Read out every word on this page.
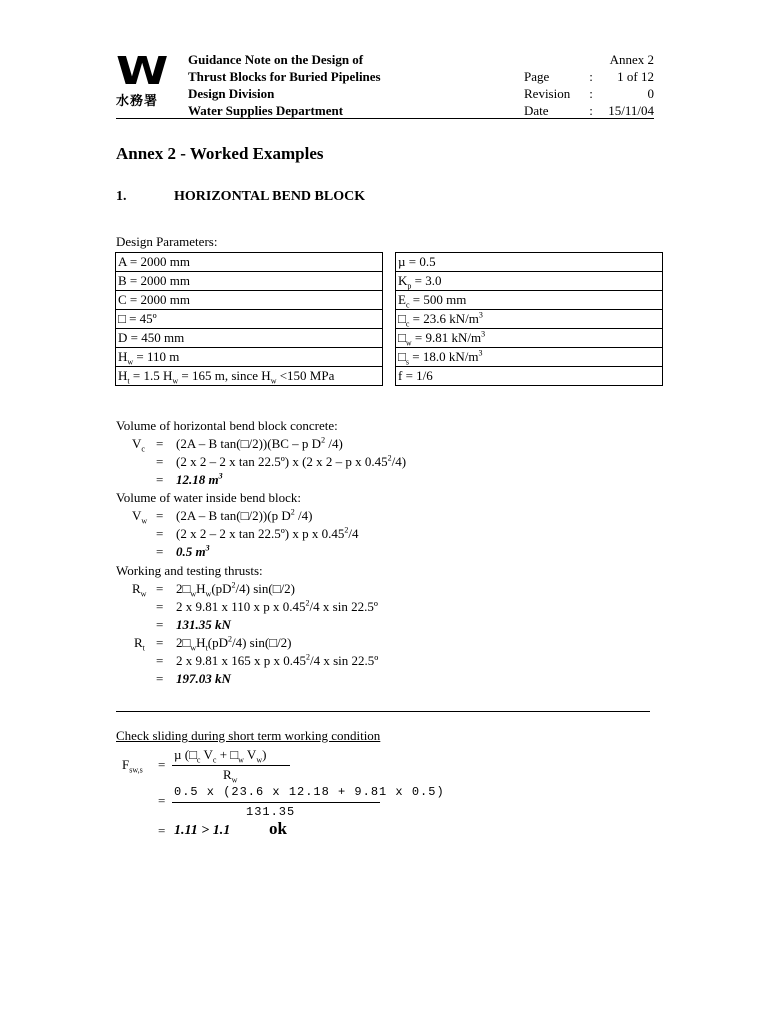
W
水務署
Guidance Note on the Design of
Thrust Blocks for Buried Pipelines
Design Division
Water Supplies Department
Annex 2
Page	:	1 of 12
Revision	:	0
Date	:	15/11/04
Annex 2 - Worked Examples
1.	HORIZONTAL BEND BLOCK
Design Parameters:
A = 2000 mm
B = 2000 mm
C = 2000 mm
□ = 45º
D = 450 mm
$H_w = 110$ m
$H_t = 1.5$ $H_w = 165$ m, since $H_w <150$ MPa
µ = 0.5
$K_p = 3.0$
$E_c = 500$ mm
$□_c = 23.6$ $kN/m^3$
$□_w = 9.81$ $kN/m^3$
$□_s = 18.0$ $kN/m^3$
f = 1/6
Volume of horizontal bend block concrete:
$V_c = (2A - B$ tan(□/2))(BC – p $D^2$ /4)
= (2 x 2 – 2 x tan 22.5º) x (2 x 2 – p x $0.45^2/4$)
= 12.18 $m^3$
Volume of water inside bend block:
$V_w = (2A - B$ tan(□/2))(p $D^2$ /4)
= (2 x 2 – 2 x tan 22.5º) x p x $0.45^2/4$
= 0.5 $m^3$
Working and testing thrusts:
$R_w$ = $2□_wH_w(pD^2/4)$ sin(□/2)
= 2 x 9.81 x 110 x p x 0.45$^2$/4 x sin 22.5º
= 131.35 kN
$R_t$ = $2□_wH_t(pD^2/4)$ sin(□/2)
= 2 x 9.81 x 165 x p x 0.45$^2$/4 x sin 22.5º
= 197.03 kN
Check sliding during short term working condition
$F_{sw,s}$ =
µ ($□_c$ $V_c$ + $□_w$ $V_w$)
$R_w$
=
0.5 x (23.6 x 12.18 + 9.81 x 0.5)
131.35
= 1.11 > 1.1 ok
